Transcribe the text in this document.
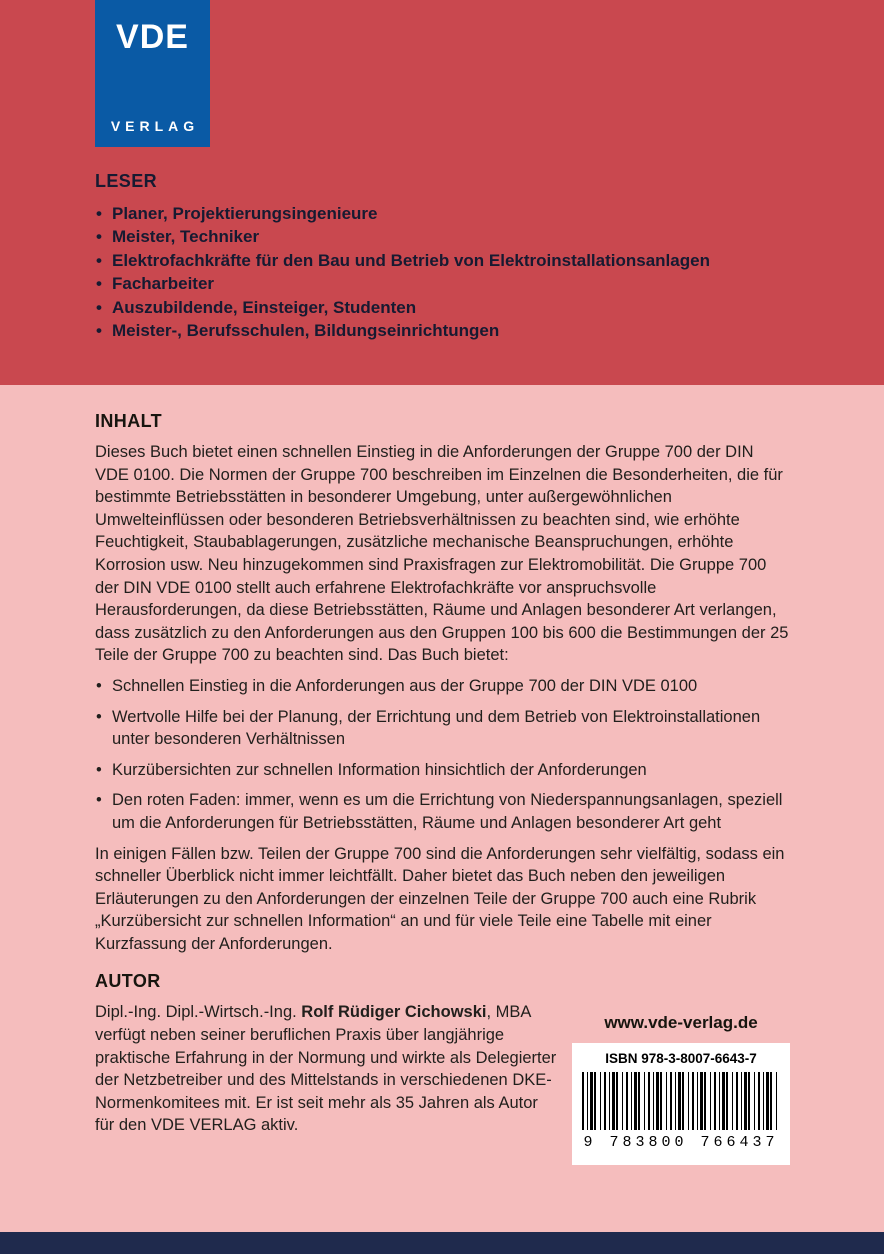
VDE
VERLAG
LESER
• Planer, Projektierungsingenieure
• Meister, Techniker
• Elektrofachkräfte für den Bau und Betrieb von Elektroinstallationsanlagen
• Facharbeiter
• Auszubildende, Einsteiger, Studenten
• Meister-, Berufsschulen, Bildungseinrichtungen
INHALT

Dieses Buch bietet einen schnellen Einstieg in die Anforderungen der Gruppe 700 der DIN VDE 0100. Die Normen der Gruppe 700 beschreiben im Einzelnen die Besonderheiten, die für bestimmte Betriebsstätten in besonderer Umgebung, unter außergewöhnlichen Umwelteinflüssen oder besonderen Betriebsverhältnissen zu beachten sind, wie erhöhte Feuchtigkeit, Staubablagerungen, zusätzliche mechanische Beanspruchungen, erhöhte Korrosion usw. Neu hinzugekommen sind Praxisfragen zur Elektromobilität. Die Gruppe 700 der DIN VDE 0100 stellt auch erfahrene Elektrofachkräfte vor anspruchsvolle Herausforderungen, da diese Betriebsstätten, Räume und Anlagen besonderer Art verlangen, dass zusätzlich zu den Anforderungen aus den Gruppen 100 bis 600 die Bestimmungen der 25 Teile der Gruppe 700 zu beachten sind. Das Buch bietet:

• Schnellen Einstieg in die Anforderungen aus der Gruppe 700 der DIN VDE 0100
• Wertvolle Hilfe bei der Planung, der Errichtung und dem Betrieb von Elektroinstallationen unter besonderen Verhältnissen
• Kurzübersichten zur schnellen Information hinsichtlich der Anforderungen
• Den roten Faden: immer, wenn es um die Errichtung von Niederspannungsanlagen, speziell um die Anforderungen für Betriebsstätten, Räume und Anlagen besonderer Art geht

In einigen Fällen bzw. Teilen der Gruppe 700 sind die Anforderungen sehr vielfältig, sodass ein schneller Überblick nicht immer leichtfällt. Daher bietet das Buch neben den jeweiligen Erläuterungen zu den Anforderungen der einzelnen Teile der Gruppe 700 auch eine Rubrik „Kurzübersicht zur schnellen Information“ an und für viele Teile eine Tabelle mit einer Kurzfassung der Anforderungen.

AUTOR

Dipl.-Ing. Dipl.-Wirtsch.-Ing. Rolf Rüdiger Cichowski, MBA verfügt neben seiner beruflichen Praxis über langjährige praktische Erfahrung in der Normung und wirkte als Delegierter der Netzbetreiber und des Mittelstands in verschiedenen DKE-Normenkomitees mit. Er ist seit mehr als 35 Jahren als Autor für den VDE VERLAG aktiv.

www.vde-verlag.de
ISBN 978-3-8007-6643-7
9 783800 766437
